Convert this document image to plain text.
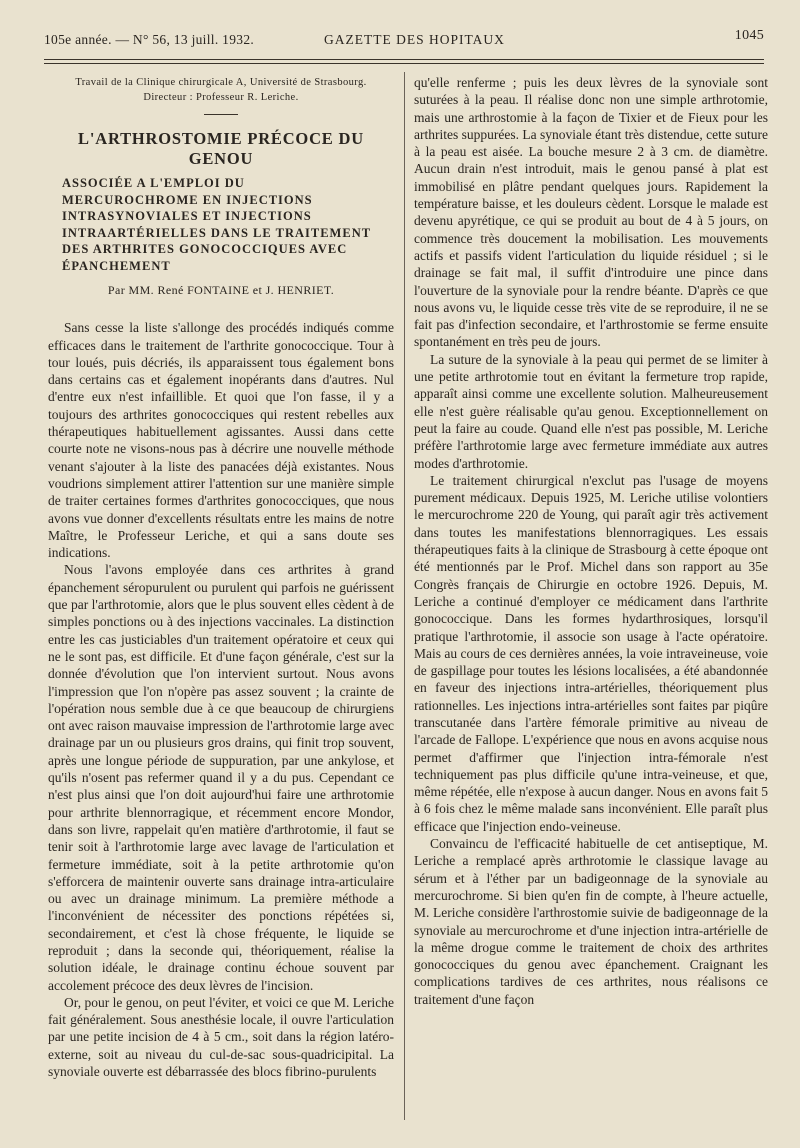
105e année. — N° 56, 13 juill. 1932.	GAZETTE DES HOPITAUX	1045
Travail de la Clinique chirurgicale A, Université de Strasbourg.
Directeur : Professeur R. Leriche.
L'ARTHROSTOMIE PRÉCOCE DU GENOU
ASSOCIÉE A L'EMPLOI DU MERCUROCHROME EN INJECTIONS INTRASYNOVIALES ET INJECTIONS INTRAARTÉRIELLES DANS LE TRAITEMENT DES ARTHRITES GONOCOCCIQUES AVEC ÉPANCHEMENT
Par MM. René FONTAINE et J. HENRIET.

Sans cesse la liste s'allonge des procédés indiqués comme efficaces dans le traitement de l'arthrite gonococcique. Tour à tour loués, puis décriés, ils apparaissent tous également bons dans certains cas et également inopérants dans d'autres. Nul d'entre eux n'est infaillible. Et quoi que l'on fasse, il y a toujours des arthrites gonococciques qui restent rebelles aux thérapeutiques habituellement agissantes. Aussi dans cette courte note ne visons-nous pas à décrire une nouvelle méthode venant s'ajouter à la liste des panacées déjà existantes. Nous voudrions simplement attirer l'attention sur une manière simple de traiter certaines formes d'arthrites gonococciques, que nous avons vue donner d'excellents résultats entre les mains de notre Maître, le Professeur Leriche, et qui a sans doute ses indications.

Nous l'avons employée dans ces arthrites à grand épanchement séropurulent ou purulent qui parfois ne guérissent que par l'arthrotomie, alors que le plus souvent elles cèdent à de simples ponctions ou à des injections vaccinales. La distinction entre les cas justiciables d'un traitement opératoire et ceux qui ne le sont pas, est difficile. Et d'une façon générale, c'est sur la donnée d'évolution que l'on intervient surtout. Nous avons l'impression que l'on n'opère pas assez souvent ; la crainte de l'opération nous semble due à ce que beaucoup de chirurgiens ont avec raison mauvaise impression de l'arthrotomie large avec drainage par un ou plusieurs gros drains, qui finit trop souvent, après une longue période de suppuration, par une ankylose, et qu'ils n'osent pas refermer quand il y a du pus. Cependant ce n'est plus ainsi que l'on doit aujourd'hui faire une arthrotomie pour arthrite blennorragique, et récemment encore Mondor, dans son livre, rappelait qu'en matière d'arthrotomie, il faut se tenir soit à l'arthrotomie large avec lavage de l'articulation et fermeture immédiate, soit à la petite arthrotomie qu'on s'efforcera de maintenir ouverte sans drainage intra-articulaire ou avec un drainage minimum. La première méthode a l'inconvénient de nécessiter des ponctions répétées si, secondairement, et c'est là chose fréquente, le liquide se reproduit ; dans la seconde qui, théoriquement, réalise la solution idéale, le drainage continu échoue souvent par accolement précoce des deux lèvres de l'incision.

Or, pour le genou, on peut l'éviter, et voici ce que M. Leriche fait généralement. Sous anesthésie locale, il ouvre l'articulation par une petite incision de 4 à 5 cm., soit dans la région latéro-externe, soit au niveau du cul-de-sac sous-quadricipital. La synoviale ouverte est débarrassée des blocs fibrino-purulents

qu'elle renferme ; puis les deux lèvres de la synoviale sont suturées à la peau. Il réalise donc non une simple arthrotomie, mais une arthrostomie à la façon de Tixier et de Fieux pour les arthrites suppurées. La synoviale étant très distendue, cette suture à la peau est aisée. La bouche mesure 2 à 3 cm. de diamètre. Aucun drain n'est introduit, mais le genou pansé à plat est immobilisé en plâtre pendant quelques jours. Rapidement la température baisse, et les douleurs cèdent. Lorsque le malade est devenu apyrétique, ce qui se produit au bout de 4 à 5 jours, on commence très doucement la mobilisation. Les mouvements actifs et passifs vident l'articulation du liquide résiduel ; si le drainage se fait mal, il suffit d'introduire une pince dans l'ouverture de la synoviale pour la rendre béante. D'après ce que nous avons vu, le liquide cesse très vite de se reproduire, il ne se fait pas d'infection secondaire, et l'arthrostomie se ferme ensuite spontanément en très peu de jours.

La suture de la synoviale à la peau qui permet de se limiter à une petite arthrotomie tout en évitant la fermeture trop rapide, apparaît ainsi comme une excellente solution. Malheureusement elle n'est guère réalisable qu'au genou. Exceptionnellement on peut la faire au coude. Quand elle n'est pas possible, M. Leriche préfère l'arthrotomie large avec fermeture immédiate aux autres modes d'arthrotomie.

Le traitement chirurgical n'exclut pas l'usage de moyens purement médicaux. Depuis 1925, M. Leriche utilise volontiers le mercurochrome 220 de Young, qui paraît agir très activement dans toutes les manifestations blennorragiques. Les essais thérapeutiques faits à la clinique de Strasbourg à cette époque ont été mentionnés par le Prof. Michel dans son rapport au 35e Congrès français de Chirurgie en octobre 1926. Depuis, M. Leriche a continué d'employer ce médicament dans l'arthrite gonococcique. Dans les formes hydarthrosiques, lorsqu'il pratique l'arthrotomie, il associe son usage à l'acte opératoire. Mais au cours de ces dernières années, la voie intraveineuse, voie de gaspillage pour toutes les lésions localisées, a été abandonnée en faveur des injections intra-artérielles, théoriquement plus rationnelles. Les injections intra-artérielles sont faites par piqûre transcutanée dans l'artère fémorale primitive au niveau de l'arcade de Fallope. L'expérience que nous en avons acquise nous permet d'affirmer que l'injection intra-fémorale n'est techniquement pas plus difficile qu'une intra-veineuse, et que, même répétée, elle n'expose à aucun danger. Nous en avons fait 5 à 6 fois chez le même malade sans inconvénient. Elle paraît plus efficace que l'injection endo-veineuse.

Convaincu de l'efficacité habituelle de cet antiseptique, M. Leriche a remplacé après arthrotomie le classique lavage au sérum et à l'éther par un badigeonnage de la synoviale au mercurochrome. Si bien qu'en fin de compte, à l'heure actuelle, M. Leriche considère l'arthrostomie suivie de badigeonnage de la synoviale au mercurochrome et d'une injection intra-artérielle de la même drogue comme le traitement de choix des arthrites gonococciques du genou avec épanchement. Craignant les complications tardives de ces arthrites, nous réalisons ce traitement d'une façon
